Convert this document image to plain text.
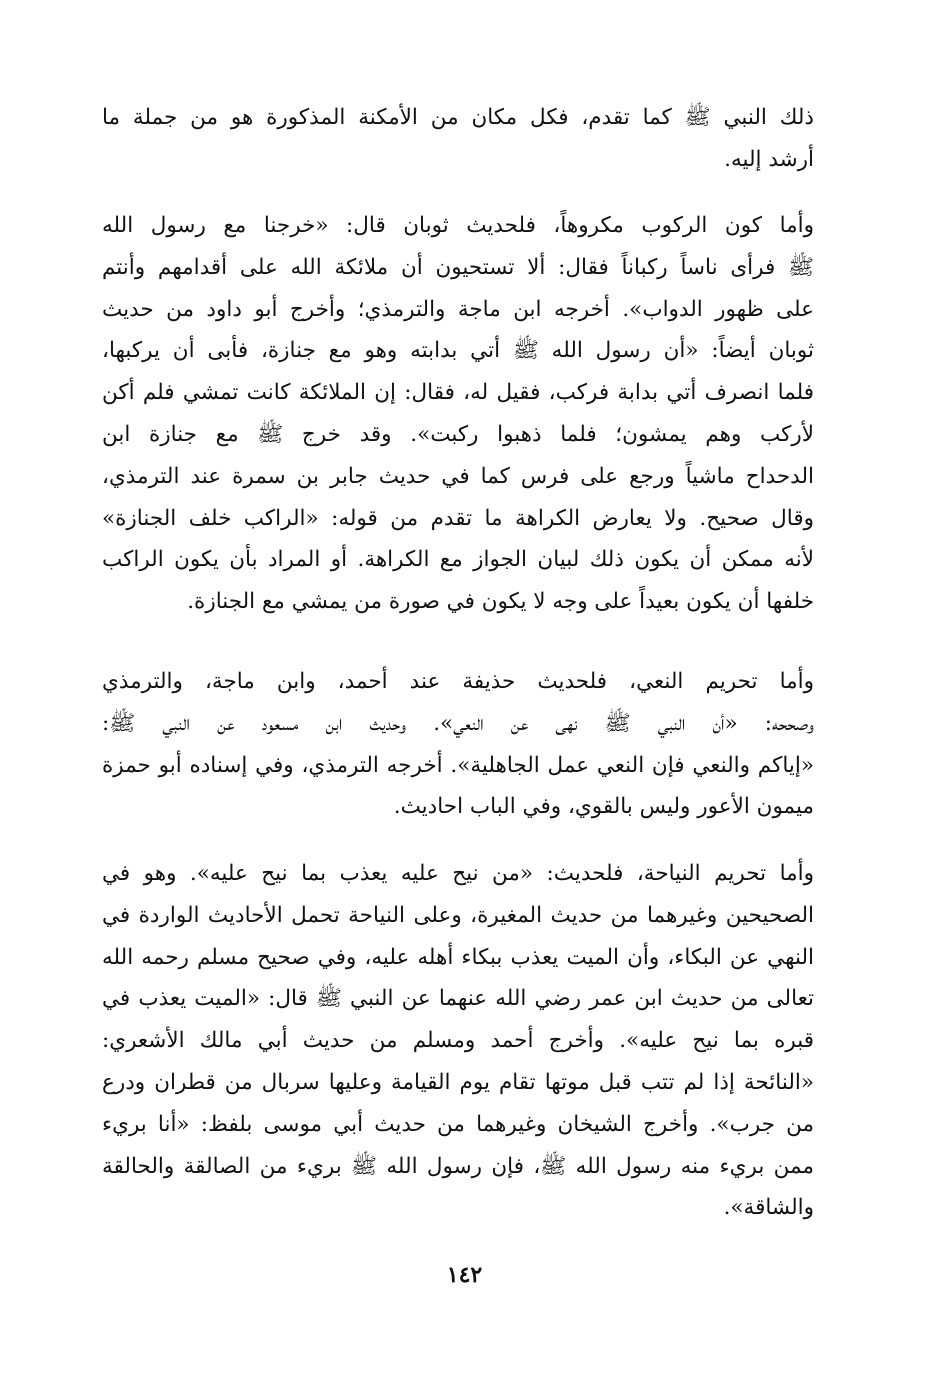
ذلك النبي ﷺ كما تقدم، فكل مكان من الأمكنة المذكورة هو من جملة ما
أرشد إليه.
وأما كون الركوب مكروهاً، فلحديث ثوبان قال: «خرجنا مع رسول الله
ﷺ فرأى ناساً ركباناً فقال: ألا تستحيون أن ملائكة الله على أقدامهم وأنتم
على ظهور الدواب». أخرجه ابن ماجة والترمذي؛ وأخرج أبو داود من حديث
ثوبان أيضاً: «أن رسول الله ﷺ أتي بدابته وهو مع جنازة، فأبى أن يركبها،
فلما انصرف أتي بدابة فركب، فقيل له، فقال: إن الملائكة كانت تمشي فلم أكن
لأركب وهم يمشون؛ فلما ذهبوا ركبت». وقد خرج ﷺ مع جنازة ابن
الدحداح ماشياً ورجع على فرس كما في حديث جابر بن سمرة عند الترمذي،
وقال صحيح. ولا يعارض الكراهة ما تقدم من قوله: «الراكب خلف الجنازة»
لأنه ممكن أن يكون ذلك لبيان الجواز مع الكراهة. أو المراد بأن يكون الراكب
خلفها أن يكون بعيداً على وجه لا يكون في صورة من يمشي مع الجنازة.
وأما تحريم النعي، فلحديث حذيفة عند أحمد، وابن ماجة، والترمذي
وصححه: «أن النبي ﷺ نهى عن النعي». وحديث ابن مسعود عن النبي ﷺ:
«إياكم والنعي فإن النعي عمل الجاهلية». أخرجه الترمذي، وفي إسناده أبو حمزة
ميمون الأعور وليس بالقوي، وفي الباب احاديث.
وأما تحريم النياحة، فلحديث: «من نيح عليه يعذب بما نيح عليه». وهو في
الصحيحين وغيرهما من حديث المغيرة، وعلى النياحة تحمل الأحاديث الواردة في
النهي عن البكاء، وأن الميت يعذب ببكاء أهله عليه، وفي صحيح مسلم رحمه الله
تعالى من حديث ابن عمر رضي الله عنهما عن النبي ﷺ قال: «الميت يعذب في
قبره بما نيح عليه». وأخرج أحمد ومسلم من حديث أبي مالك الأشعري:
«النائحة إذا لم تتب قبل موتها تقام يوم القيامة وعليها سربال من قطران ودرع
من جرب». وأخرج الشيخان وغيرهما من حديث أبي موسى بلفظ: «أنا بريء
ممن بريء منه رسول الله ﷺ، فإن رسول الله ﷺ بريء من الصالقة والحالقة
والشاقة».
١٤٢
